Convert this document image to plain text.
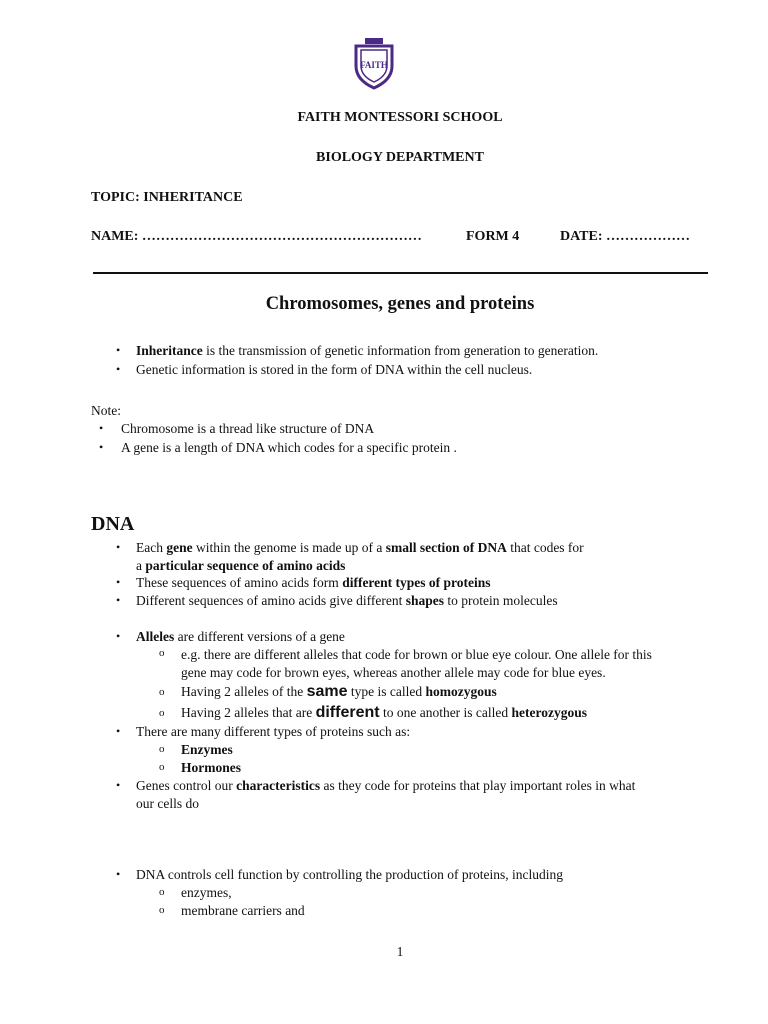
FAITH
FAITH MONTESSORI SCHOOL
BIOLOGY DEPARTMENT
TOPIC: INHERITANCE
NAME: ……………………………………………………	FORM 4	DATE: ………………
Chromosomes, genes and proteins
• Inheritance is the transmission of genetic information from generation to generation.
• Genetic information is stored in the form of DNA within the cell nucleus.
Note:
• Chromosome is a thread like structure of DNA
• A gene is a length of DNA which codes for a specific protein .
DNA
• Each gene within the genome is made up of a small section of DNA that codes for
a particular sequence of amino acids
• These sequences of amino acids form different types of proteins
• Different sequences of amino acids give different shapes to protein molecules
• Alleles are different versions of a gene
o e.g. there are different alleles that code for brown or blue eye colour. One allele for this
gene may code for brown eyes, whereas another allele may code for blue eyes.
o Having 2 alleles of the same type is called homozygous
o Having 2 alleles that are different to one another is called heterozygous
• There are many different types of proteins such as:
o Enzymes
o Hormones
• Genes control our characteristics as they code for proteins that play important roles in what
our cells do
• DNA controls cell function by controlling the production of proteins, including
o enzymes,
o membrane carriers and
1
